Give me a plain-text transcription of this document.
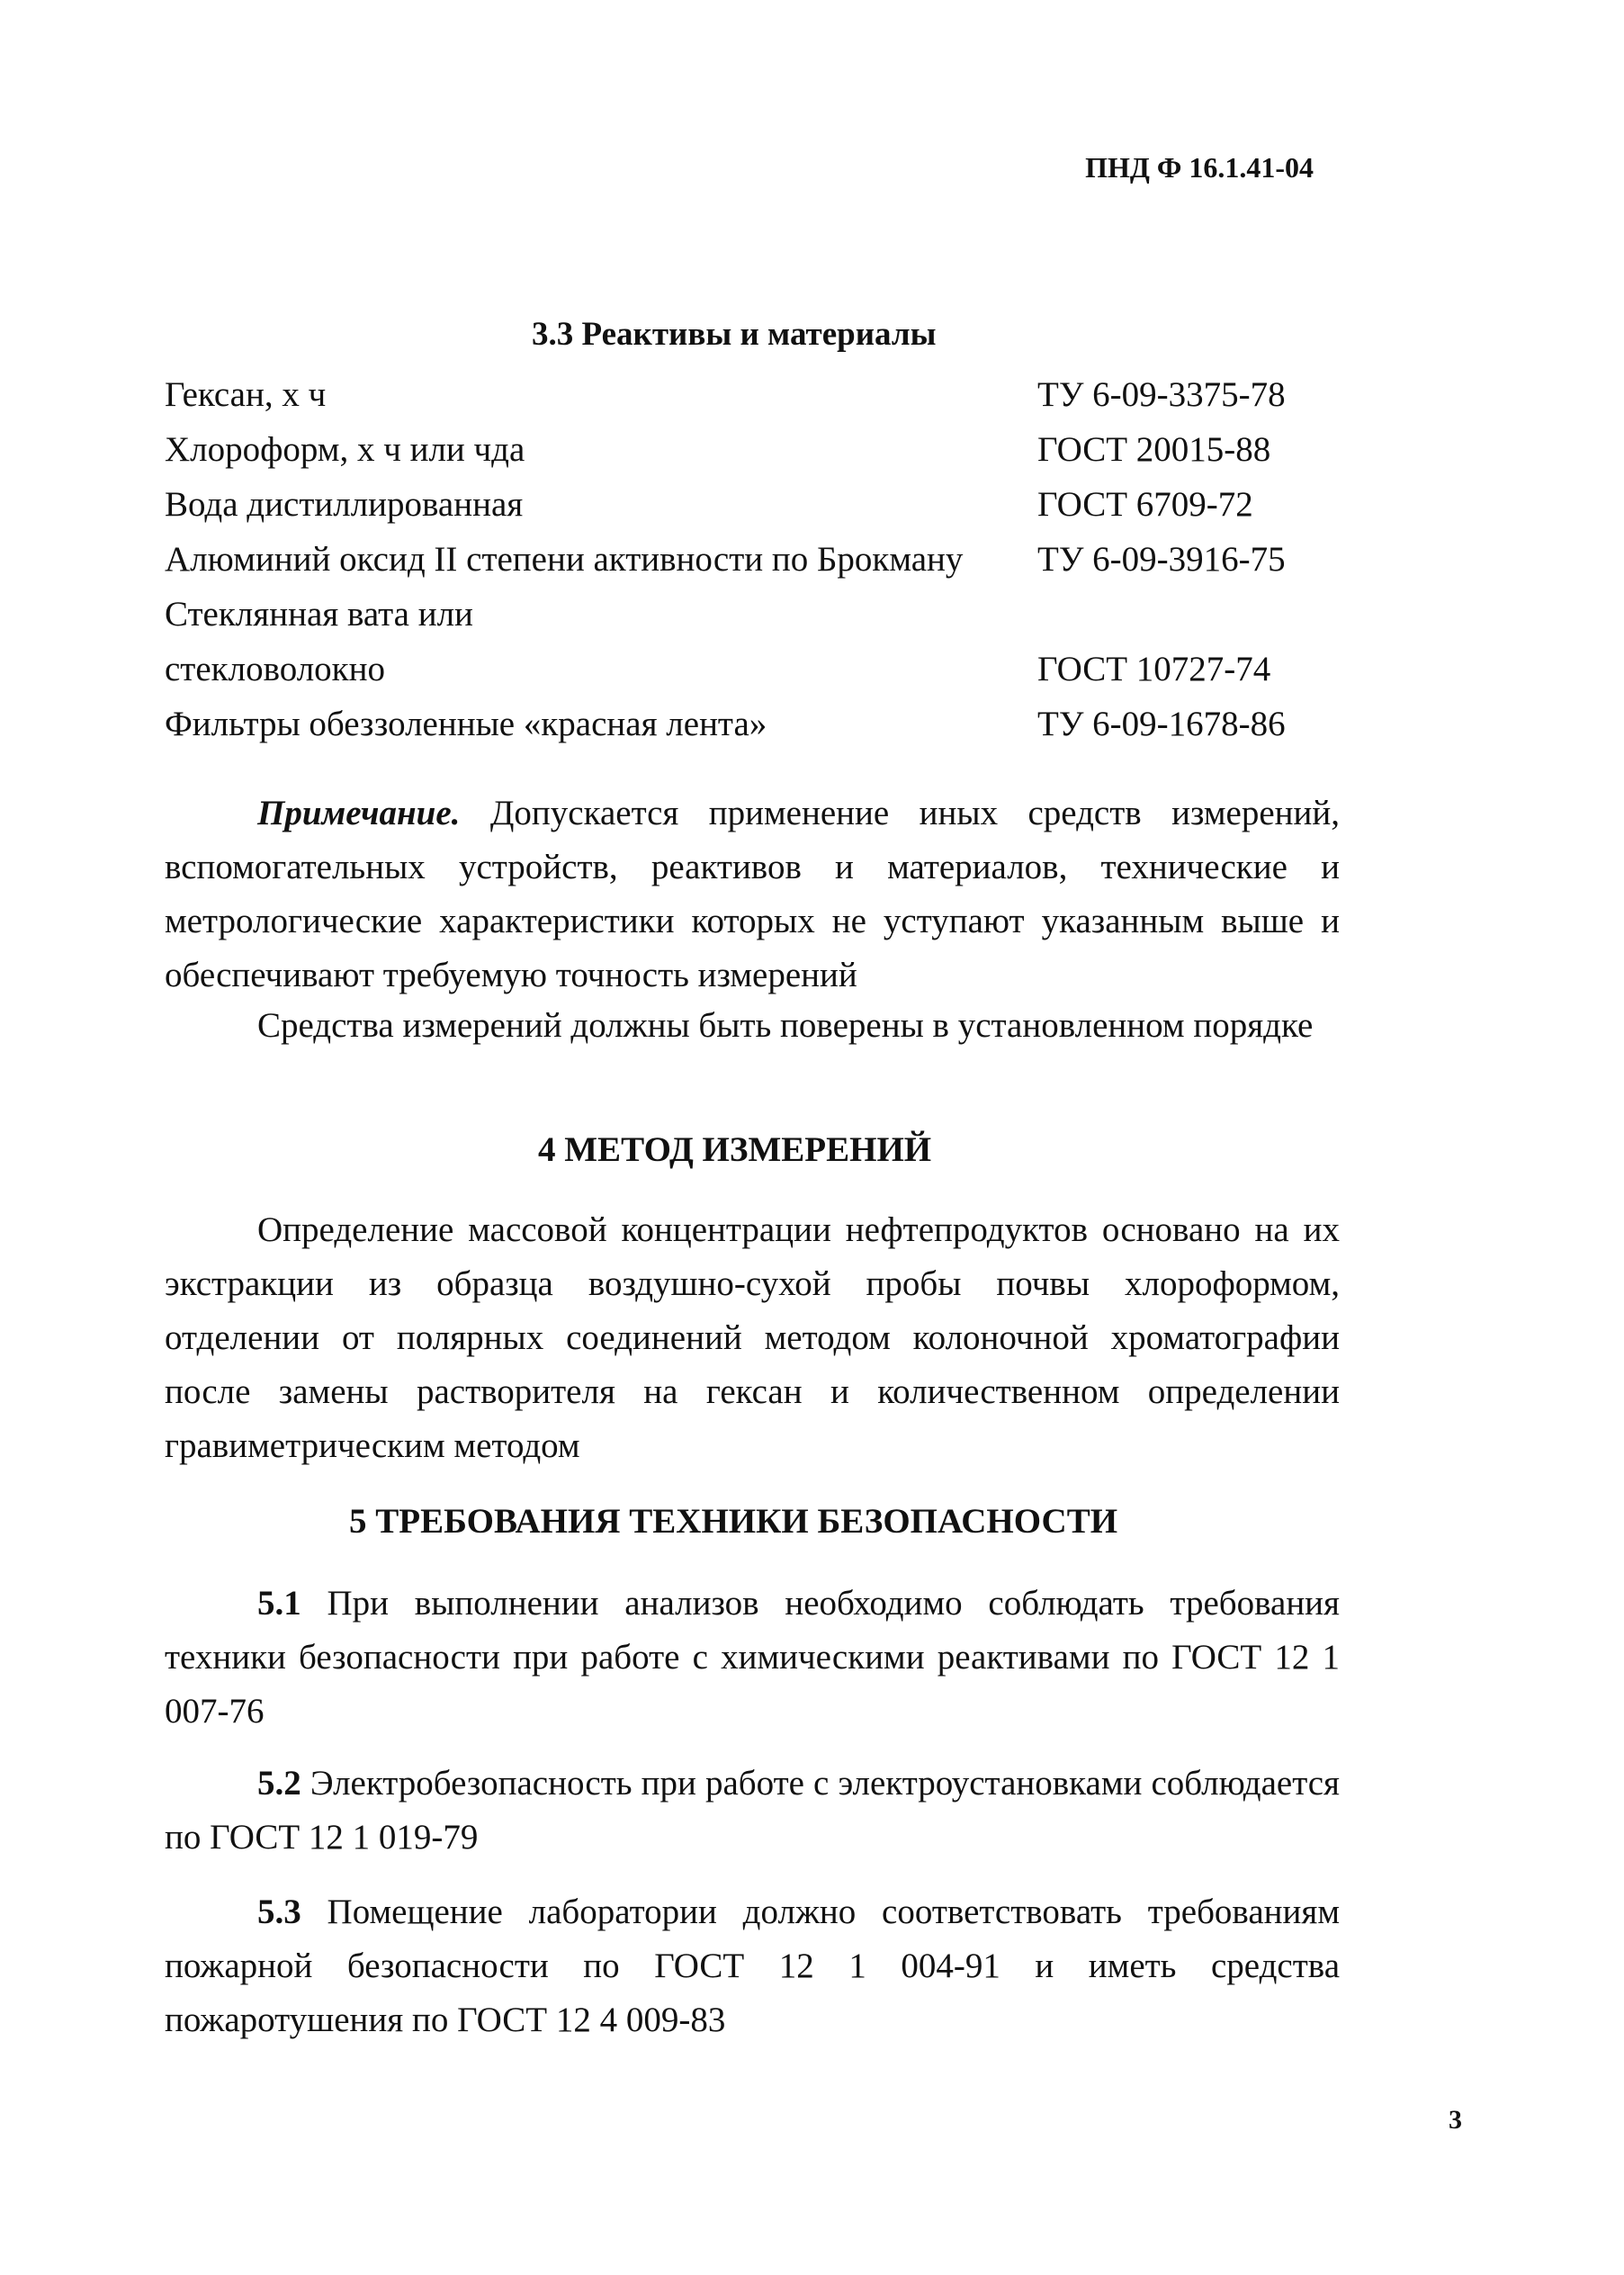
ПНД Ф 16.1.41-04
3.3 Реактивы и материалы
Гексан, х ч	ТУ 6-09-3375-78
Хлороформ, х ч или чда	ГОСТ 20015-88
Вода дистиллированная	ГОСТ 6709-72
Алюминий оксид II степени активности по Брокману ТУ 6-09-3916-75
Стеклянная вата или
стекловолокно	ГОСТ 10727-74
Фильтры обеззоленные «красная лента»	ТУ 6-09-1678-86

Примечание. Допускается применение иных средств измерений, вспомогательных устройств, реактивов и материалов, технические и метрологические характеристики которых не уступают указанным выше и обеспечивают требуемую точность измерений

Средства измерений должны быть поверены в установленном порядке

4 МЕТОД ИЗМЕРЕНИЙ

Определение массовой концентрации нефтепродуктов основано на их экстракции из образца воздушно-сухой пробы почвы хлороформом, отделении от полярных соединений методом колоночной хроматографии после замены растворителя на гексан и количественном определении гравиметрическим методом

5 ТРЕБОВАНИЯ ТЕХНИКИ БЕЗОПАСНОСТИ

5.1 При выполнении анализов необходимо соблюдать требования техники безопасности при работе с химическими реактивами по ГОСТ 12 1 007-76

5.2 Электробезопасность при работе с электроустановками соблюдается по ГОСТ 12 1 019-79

5.3 Помещение лаборатории должно соответствовать требованиям пожарной безопасности по ГОСТ 12 1 004-91 и иметь средства пожаротушения по ГОСТ 12 4 009-83

3
